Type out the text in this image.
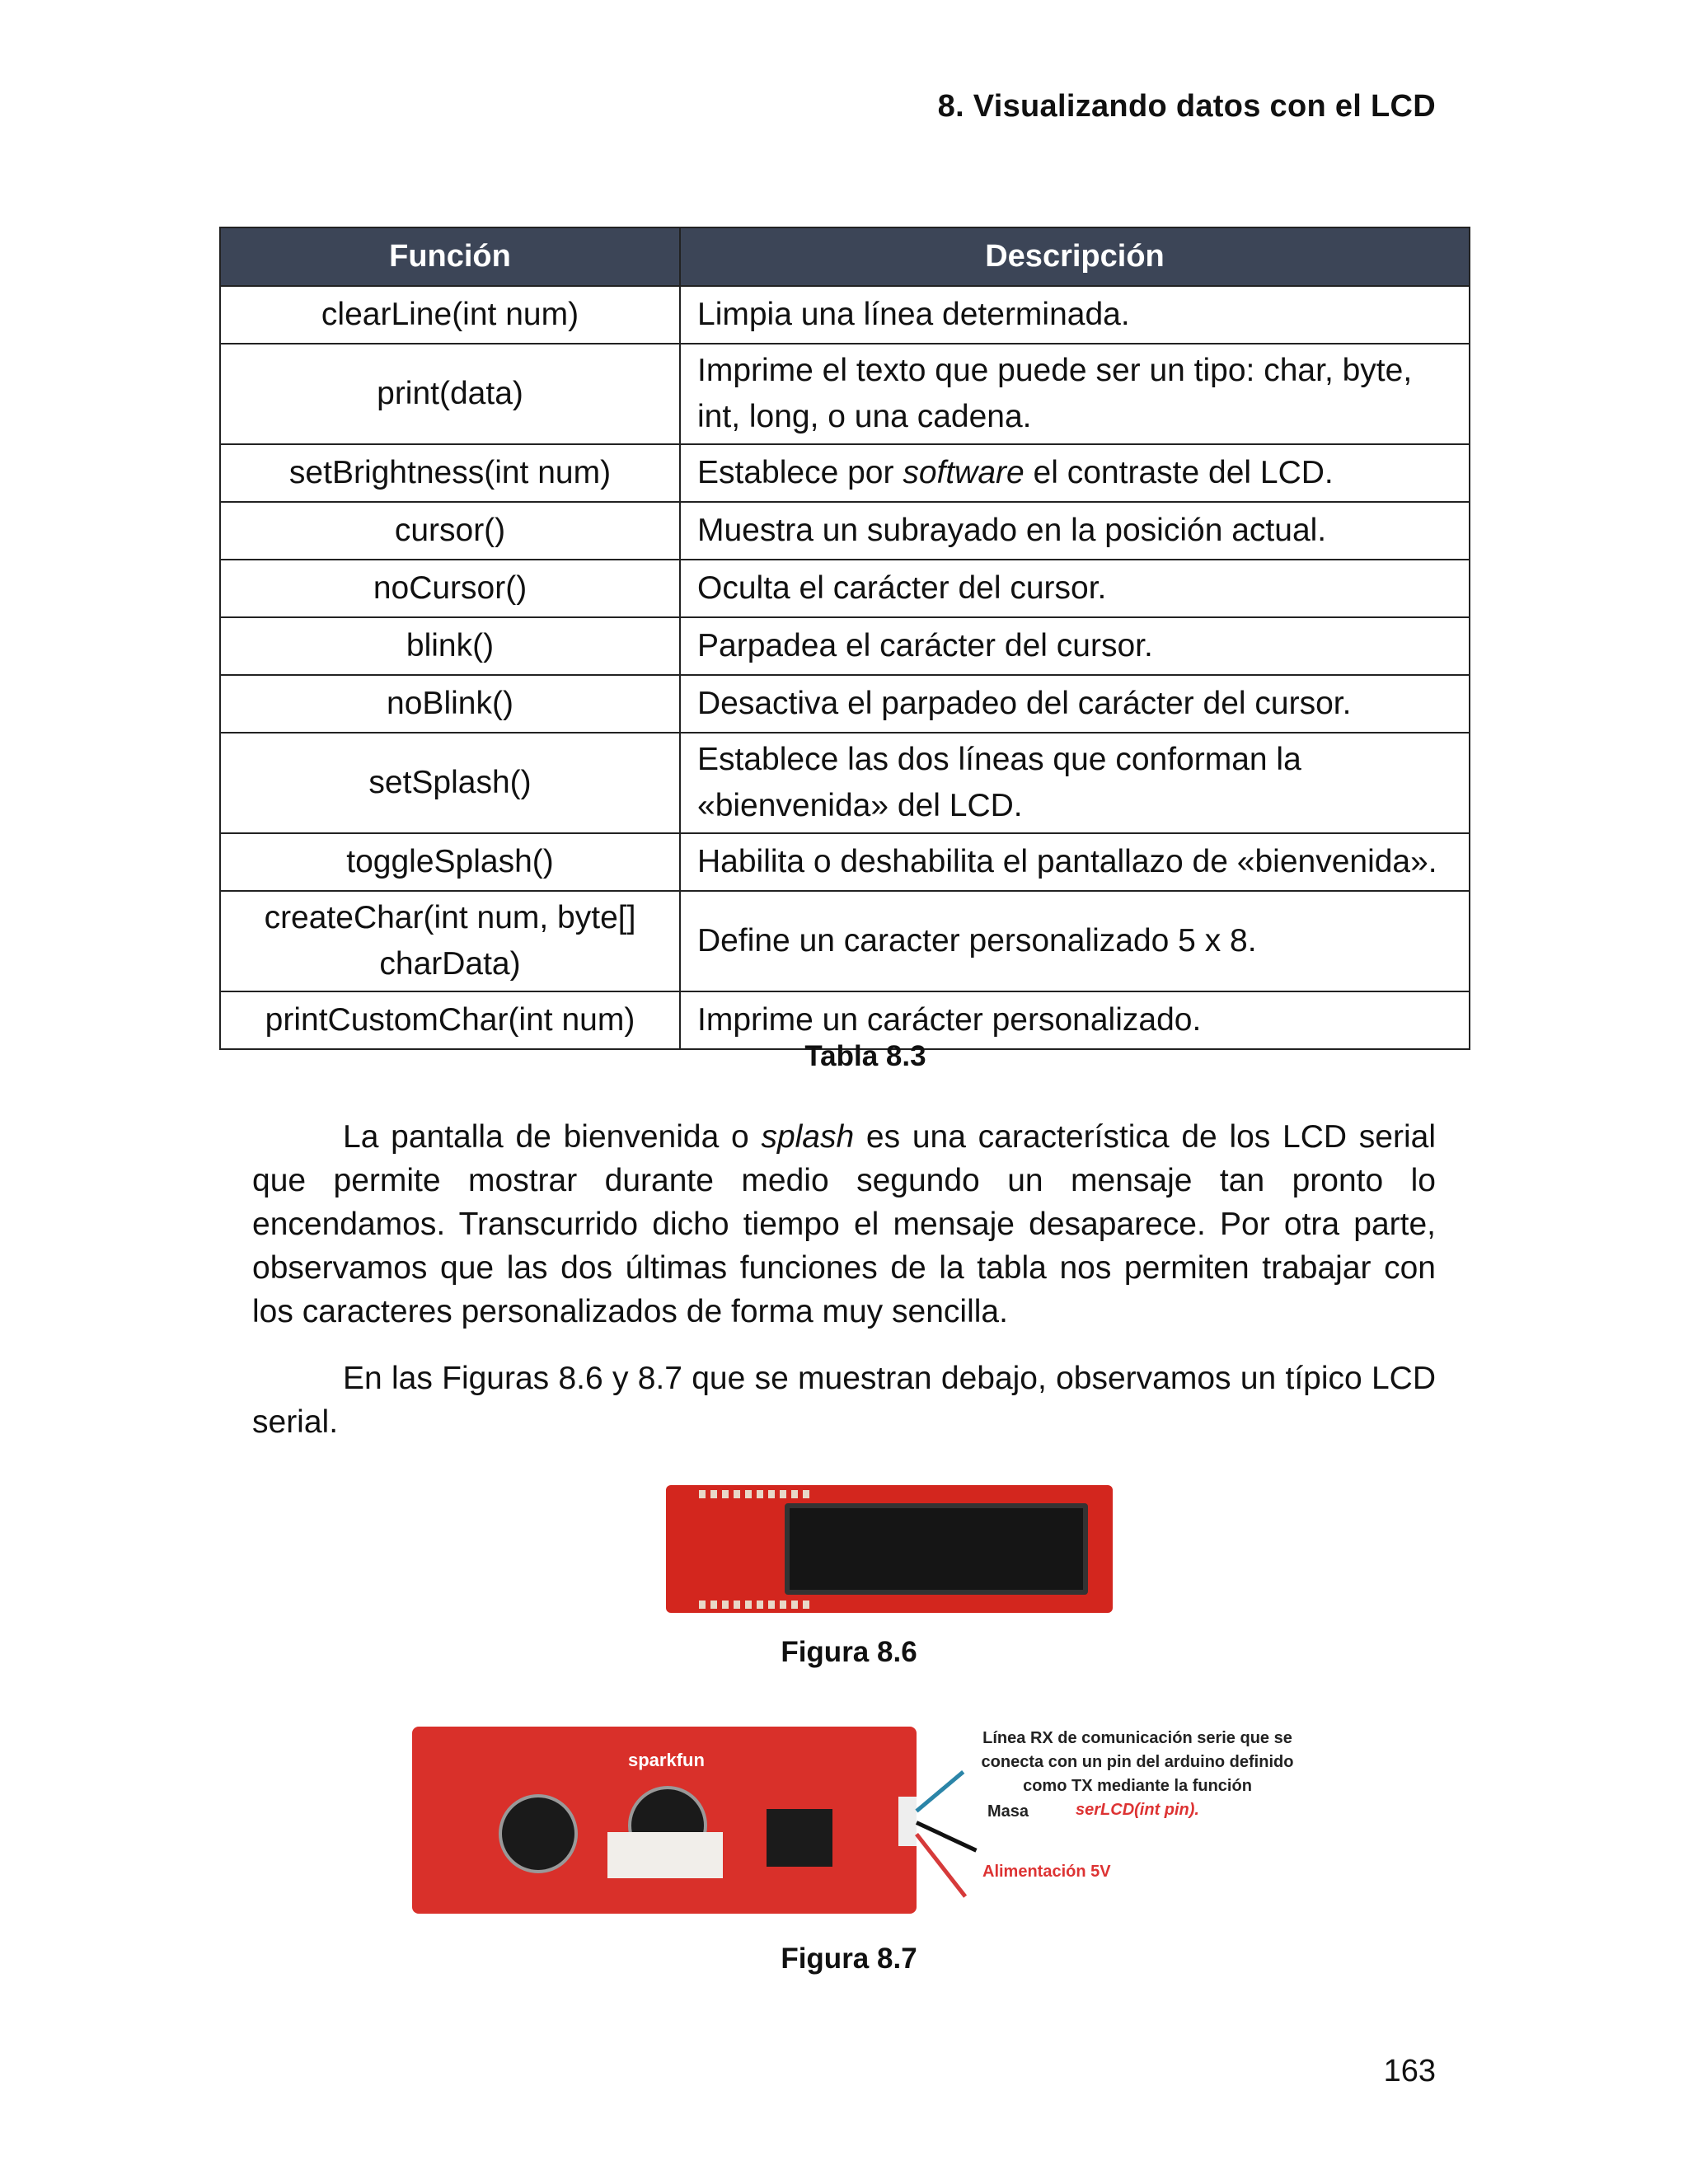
8. Visualizando datos con el LCD
Función	Descripción
clearLine(int num)	Limpia una línea determinada.
print(data)	Imprime el texto que puede ser un tipo: char, byte, int, long, o una cadena.
setBrightness(int num)	Establece por software el contraste del LCD.
cursor()	Muestra un subrayado en la posición actual.
noCursor()	Oculta el carácter del cursor.
blink()	Parpadea el carácter del cursor.
noBlink()	Desactiva el parpadeo del carácter del cursor.
setSplash()	Establece las dos líneas que conforman la «bienvenida» del LCD.
toggleSplash()	Habilita o deshabilita el pantallazo de «bienvenida».
createChar(int num, byte[] charData)	Define un caracter personalizado 5 x 8.
printCustomChar(int num)	Imprime un carácter personalizado.
Tabla 8.3

La pantalla de bienvenida o splash es una característica de los LCD serial que permite mostrar durante medio segundo un mensaje tan pronto lo encendamos. Transcurrido dicho tiempo el mensaje desaparece. Por otra parte, observamos que las dos últimas funciones de la tabla nos permiten trabajar con los caracteres personalizados de forma muy sencilla.

En las Figuras 8.6 y 8.7 que se muestran debajo, observamos un típico LCD serial.

Figura 8.6
sparkfun
Línea RX de comunicación serie que se conecta con un pin del arduino definido como TX mediante la función serLCD(int pin).
Masa
Alimentación 5V
Figura 8.7
163
